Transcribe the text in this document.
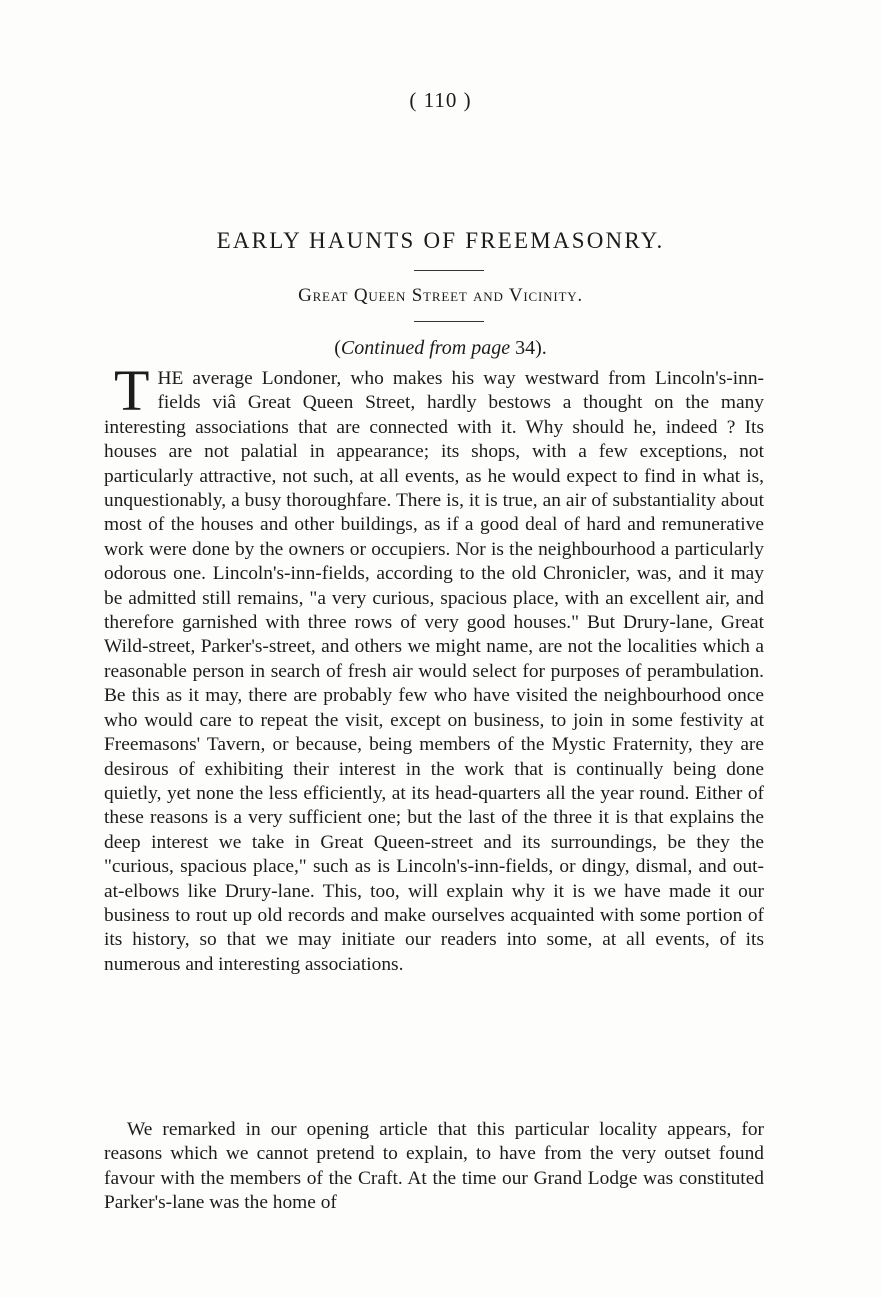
( 110 )
EARLY HAUNTS OF FREEMASONRY.
Great Queen Street and Vicinity.
(Continued from page 34).
T HE average Londoner, who makes his way westward from Lincoln's-inn-fields viâ Great Queen Street, hardly bestows a thought on the many interesting associations that are connected with it. Why should he, indeed ? Its houses are not palatial in appearance; its shops, with a few exceptions, not particularly attractive, not such, at all events, as he would expect to find in what is, unquestionably, a busy thoroughfare. There is, it is true, an air of substantiality about most of the houses and other buildings, as if a good deal of hard and remunerative work were done by the owners or occupiers. Nor is the neighbourhood a particularly odorous one. Lincoln's-inn-fields, according to the old Chronicler, was, and it may be admitted still remains, "a very curious, spacious place, with an excellent air, and therefore garnished with three rows of very good houses." But Drury-lane, Great Wild-street, Parker's-street, and others we might name, are not the localities which a reasonable person in search of fresh air would select for purposes of perambulation. Be this as it may, there are probably few who have visited the neighbourhood once who would care to repeat the visit, except on business, to join in some festivity at Freemasons' Tavern, or because, being members of the Mystic Fraternity, they are desirous of exhibiting their interest in the work that is continually being done quietly, yet none the less efficiently, at its head-quarters all the year round. Either of these reasons is a very sufficient one; but the last of the three it is that explains the deep interest we take in Great Queen-street and its surroundings, be they the "curious, spacious place," such as is Lincoln's-inn-fields, or dingy, dismal, and out-at-elbows like Drury-lane. This, too, will explain why it is we have made it our business to rout up old records and make ourselves acquainted with some portion of its history, so that we may initiate our readers into some, at all events, of its numerous and interesting associations.

We remarked in our opening article that this particular locality appears, for reasons which we cannot pretend to explain, to have from the very outset found favour with the members of the Craft. At the time our Grand Lodge was constituted Parker's-lane was the home of
